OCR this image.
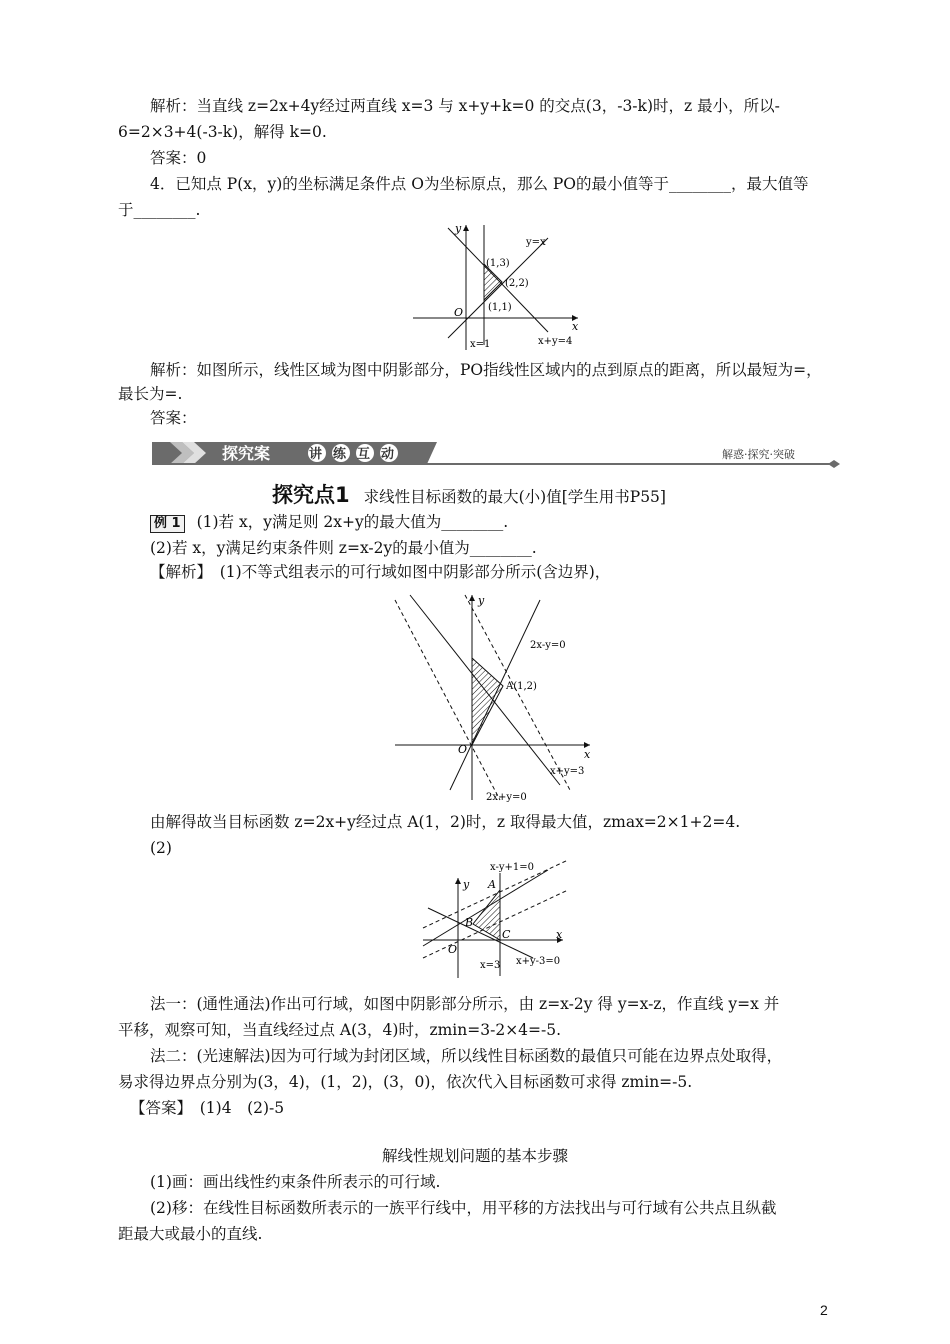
解析：当直线 z=2x+4y经过两直线 x=3 与 x+y+k=0 的交点(3，-3-k)时，z 最小，所以-
6=2×3+4(-3-k)，解得 k=0.
答案：0
4．已知点 P(x，y)的坐标满足条件点 O为坐标原点，那么 PO的最小值等于________，最大值等
于________.
y
x
y=x
(1,3)
(2,2)
(1,1)
O
x=1	x+y=4
解析：如图所示，线性区域为图中阴影部分，PO指线性区域内的点到原点的距离，所以最短为=，
最长为=.
答案：
探究案	讲练互动	解惑·探究·突破
探究点1 求线性目标函数的最大(小)值[学生用书P55]
例 1 (1)若 x，y满足则 2x+y的最大值为________.
(2)若 x，y满足约束条件则 z=x-2y的最小值为________.
【解析】　(1)不等式组表示的可行域如图中阴影部分所示(含边界)，
y
x
2x-y=0
A(1,2)
O
x+y=3
2x+y=0
由解得故当目标函数 z=2x+y经过点 A(1，2)时，z 取得最大值，zmax=2×1+2=4.
(2)
y
x
x-y+1=0
A
B
C
O
x=3 x+y-3=0
法一：(通性通法)作出可行域，如图中阴影部分所示，由 z=x-2y 得 y=x-z，作直线 y=x 并
平移，观察可知，当直线经过点 A(3，4)时，zmin=3-2×4=-5.
法二：(光速解法)因为可行域为封闭区域，所以线性目标函数的最值只可能在边界点处取得，
易求得边界点分别为(3，4)，(1，2)，(3，0)，依次代入目标函数可求得 zmin=-5.
【答案】　(1)4　(2)-5
解线性规划问题的基本步骤
(1)画：画出线性约束条件所表示的可行域.
(2)移：在线性目标函数所表示的一族平行线中，用平移的方法找出与可行域有公共点且纵截
距最大或最小的直线.
2
